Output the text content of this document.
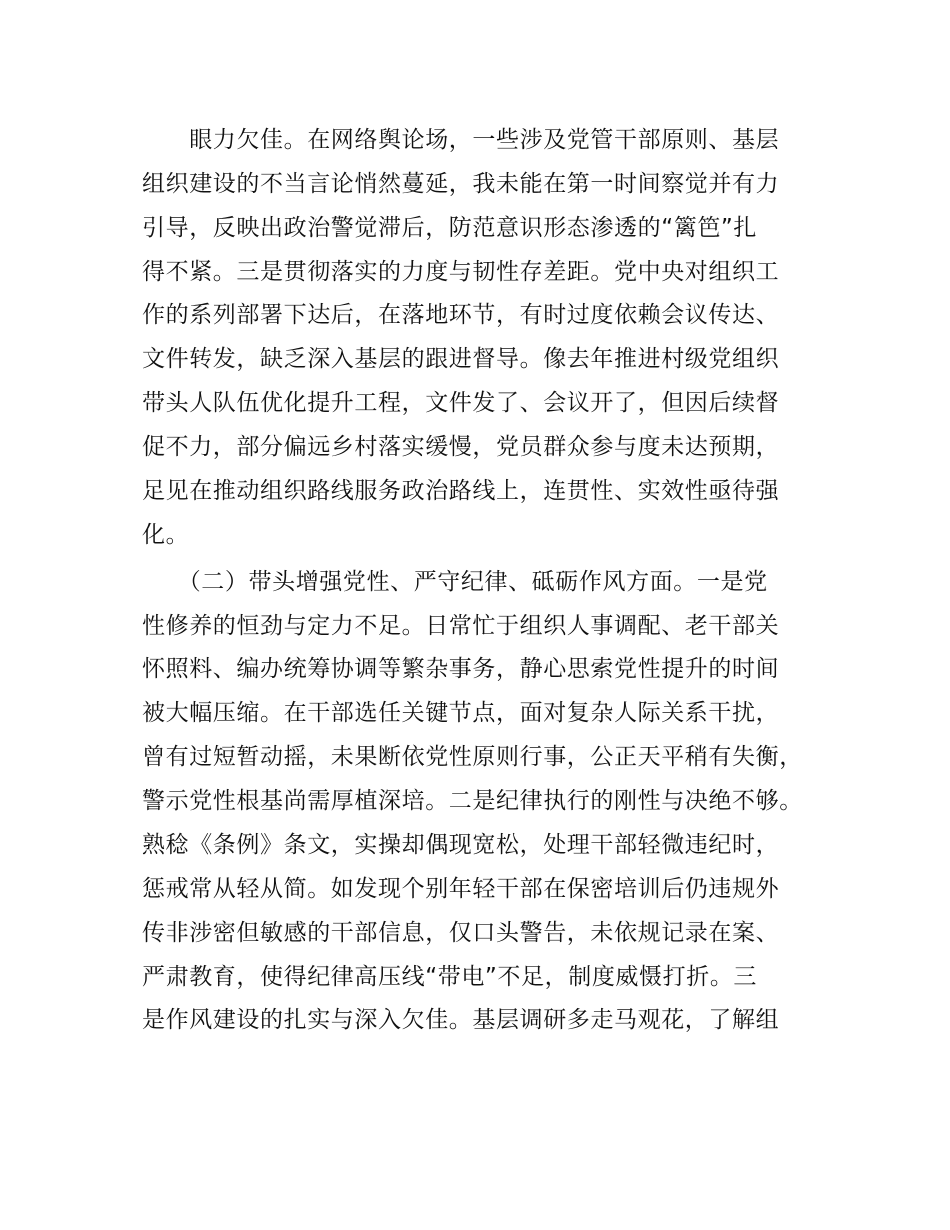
　　眼力欠佳。在网络舆论场，一些涉及党管干部原则、基层
组织建设的不当言论悄然蔓延，我未能在第一时间察觉并有力
引导，反映出政治警觉滞后，防范意识形态渗透的“篱笆”扎
得不紧。三是贯彻落实的力度与韧性存差距。党中央对组织工
作的系列部署下达后，在落地环节，有时过度依赖会议传达、
文件转发，缺乏深入基层的跟进督导。像去年推进村级党组织
带头人队伍优化提升工程，文件发了、会议开了，但因后续督
促不力，部分偏远乡村落实缓慢，党员群众参与度未达预期，
足见在推动组织路线服务政治路线上，连贯性、实效性亟待强
化。
　　（二）带头增强党性、严守纪律、砥砺作风方面。一是党
性修养的恒劲与定力不足。日常忙于组织人事调配、老干部关
怀照料、编办统筹协调等繁杂事务，静心思索党性提升的时间
被大幅压缩。在干部选任关键节点，面对复杂人际关系干扰，
曾有过短暂动摇，未果断依党性原则行事，公正天平稍有失衡，
警示党性根基尚需厚植深培。二是纪律执行的刚性与决绝不够。
熟稔《条例》条文，实操却偶现宽松，处理干部轻微违纪时，
惩戒常从轻从简。如发现个别年轻干部在保密培训后仍违规外
传非涉密但敏感的干部信息，仅口头警告，未依规记录在案、
严肃教育，使得纪律高压线“带电”不足，制度威慑打折。三
是作风建设的扎实与深入欠佳。基层调研多走马观花，了解组
